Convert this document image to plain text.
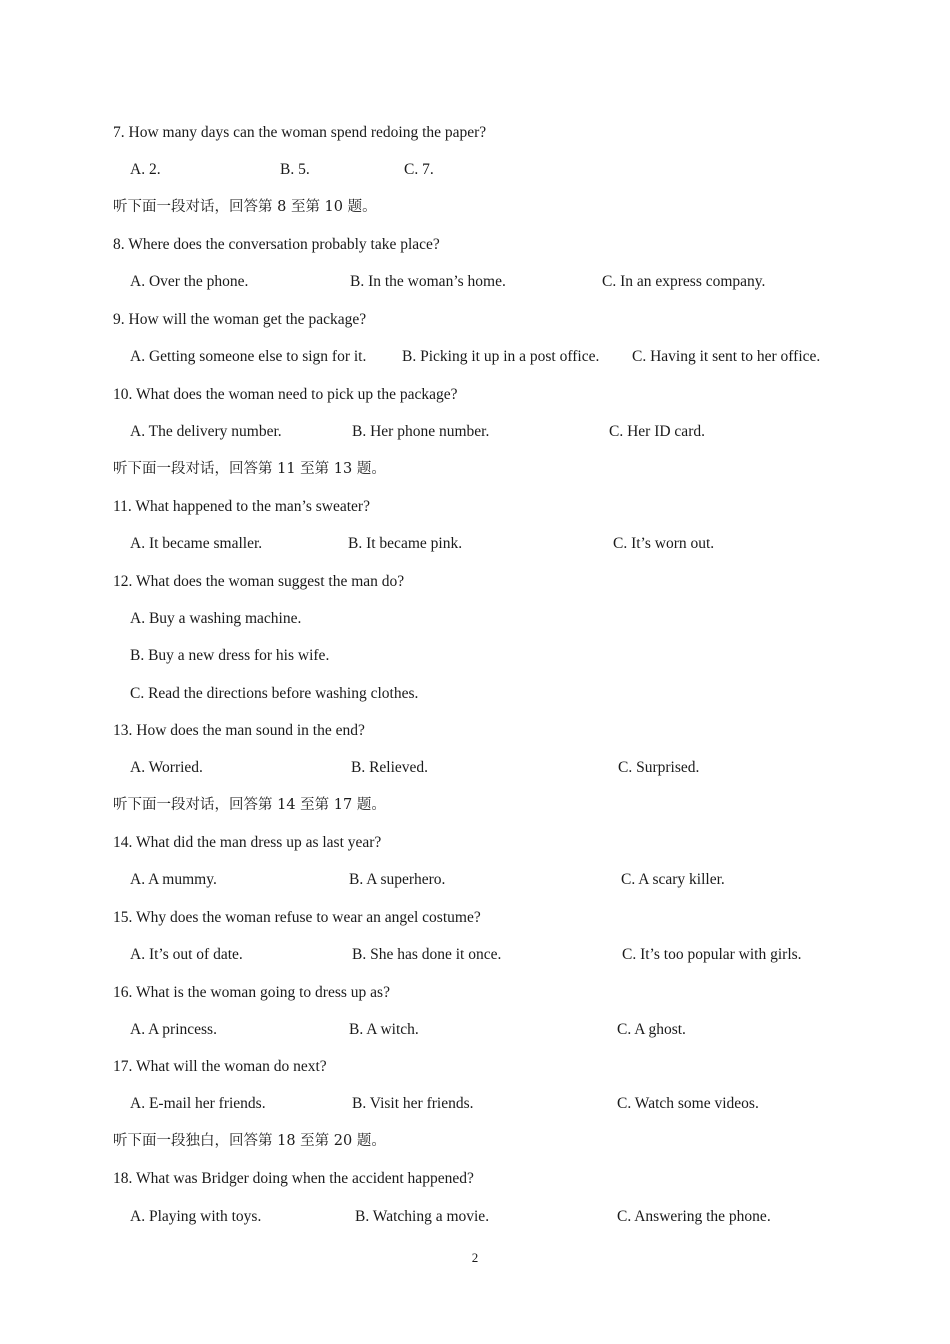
7. How many days can the woman spend redoing the paper?
A. 2.	B. 5.	C. 7.
听下面一段对话，回答第 8 至第 10 题。
8. Where does the conversation probably take place?
A. Over the phone.	B. In the woman’s home.	C. In an express company.
9. How will the woman get the package?
A. Getting someone else to sign for it. B. Picking it up in a post office. C. Having it sent to her office.
10. What does the woman need to pick up the package?
A. The delivery number.	B. Her phone number.	C. Her ID card.
听下面一段对话，回答第 11 至第 13 题。
11. What happened to the man’s sweater?
A. It became smaller.	B. It became pink.	C. It’s worn out.
12. What does the woman suggest the man do?
A. Buy a washing machine.
B. Buy a new dress for his wife.
C. Read the directions before washing clothes.
13. How does the man sound in the end?
A. Worried.	B. Relieved.	C. Surprised.
听下面一段对话，回答第 14 至第 17 题。
14. What did the man dress up as last year?
A. A mummy.	B. A superhero.	C. A scary killer.
15. Why does the woman refuse to wear an angel costume?
A. It’s out of date.	B. She has done it once.	C. It’s too popular with girls.
16. What is the woman going to dress up as?
A. A princess.	B. A witch.	C. A ghost.
17. What will the woman do next?
A. E-mail her friends.	B. Visit her friends.	C. Watch some videos.
听下面一段独白，回答第 18 至第 20 题。
18. What was Bridger doing when the accident happened?
A. Playing with toys.	B. Watching a movie.	C. Answering the phone.
2
